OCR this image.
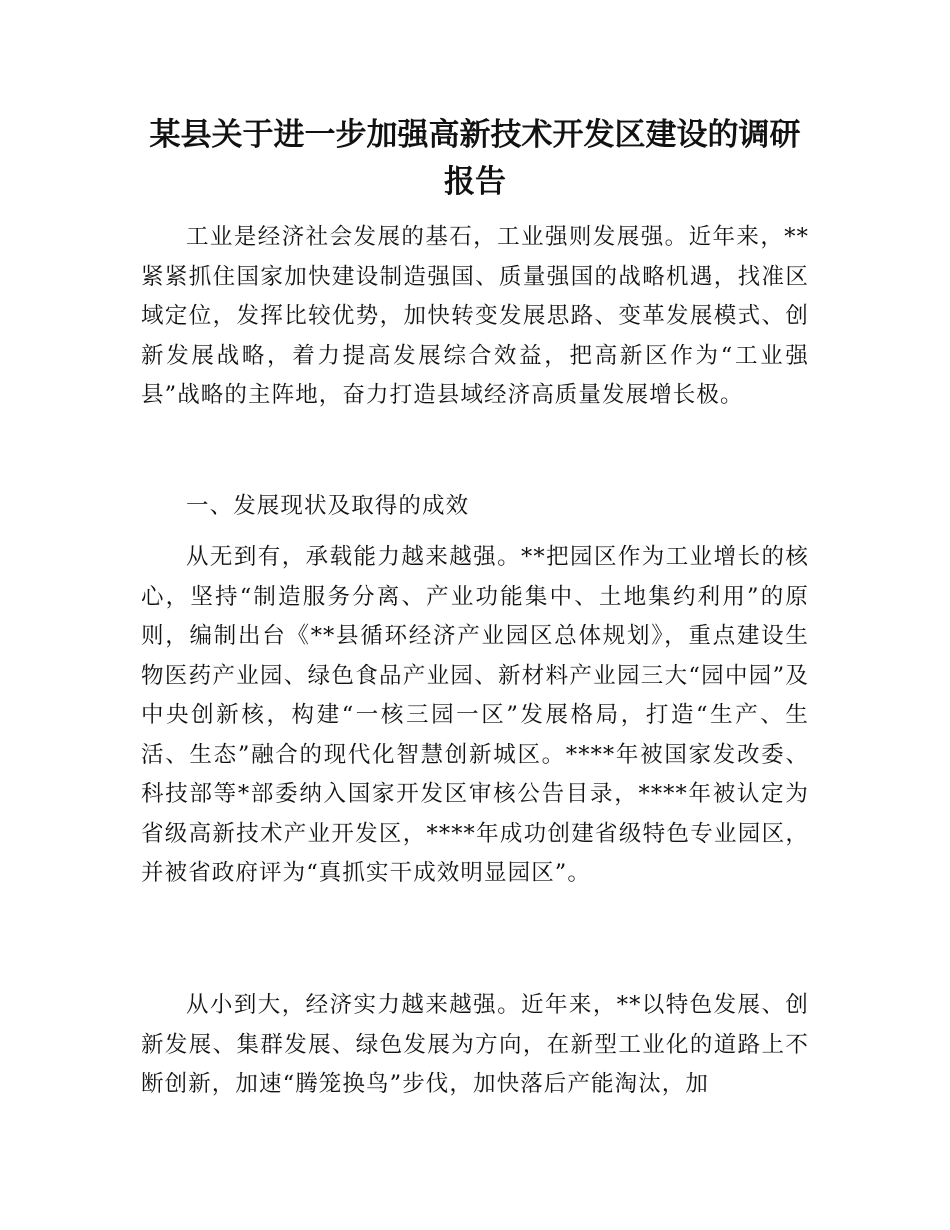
某县关于进一步加强高新技术开发区建设的调研报告

工业是经济社会发展的基石，工业强则发展强。近年来，**紧紧抓住国家加快建设制造强国、质量强国的战略机遇，找准区域定位，发挥比较优势，加快转变发展思路、变革发展模式、创新发展战略，着力提高发展综合效益，把高新区作为“工业强县”战略的主阵地，奋力打造县域经济高质量发展增长极。

一、发展现状及取得的成效

从无到有，承载能力越来越强。**把园区作为工业增长的核心，坚持“制造服务分离、产业功能集中、土地集约利用”的原则，编制出台《**县循环经济产业园区总体规划》，重点建设生物医药产业园、绿色食品产业园、新材料产业园三大“园中园”及中央创新核，构建“一核三园一区”发展格局，打造“生产、生活、生态”融合的现代化智慧创新城区。****年被国家发改委、科技部等*部委纳入国家开发区审核公告目录，****年被认定为省级高新技术产业开发区，****年成功创建省级特色专业园区，并被省政府评为“真抓实干成效明显园区”。

从小到大，经济实力越来越强。近年来，**以特色发展、创新发展、集群发展、绿色发展为方向，在新型工业化的道路上不断创新，加速“腾笼换鸟”步伐，加快落后产能淘汰，加
